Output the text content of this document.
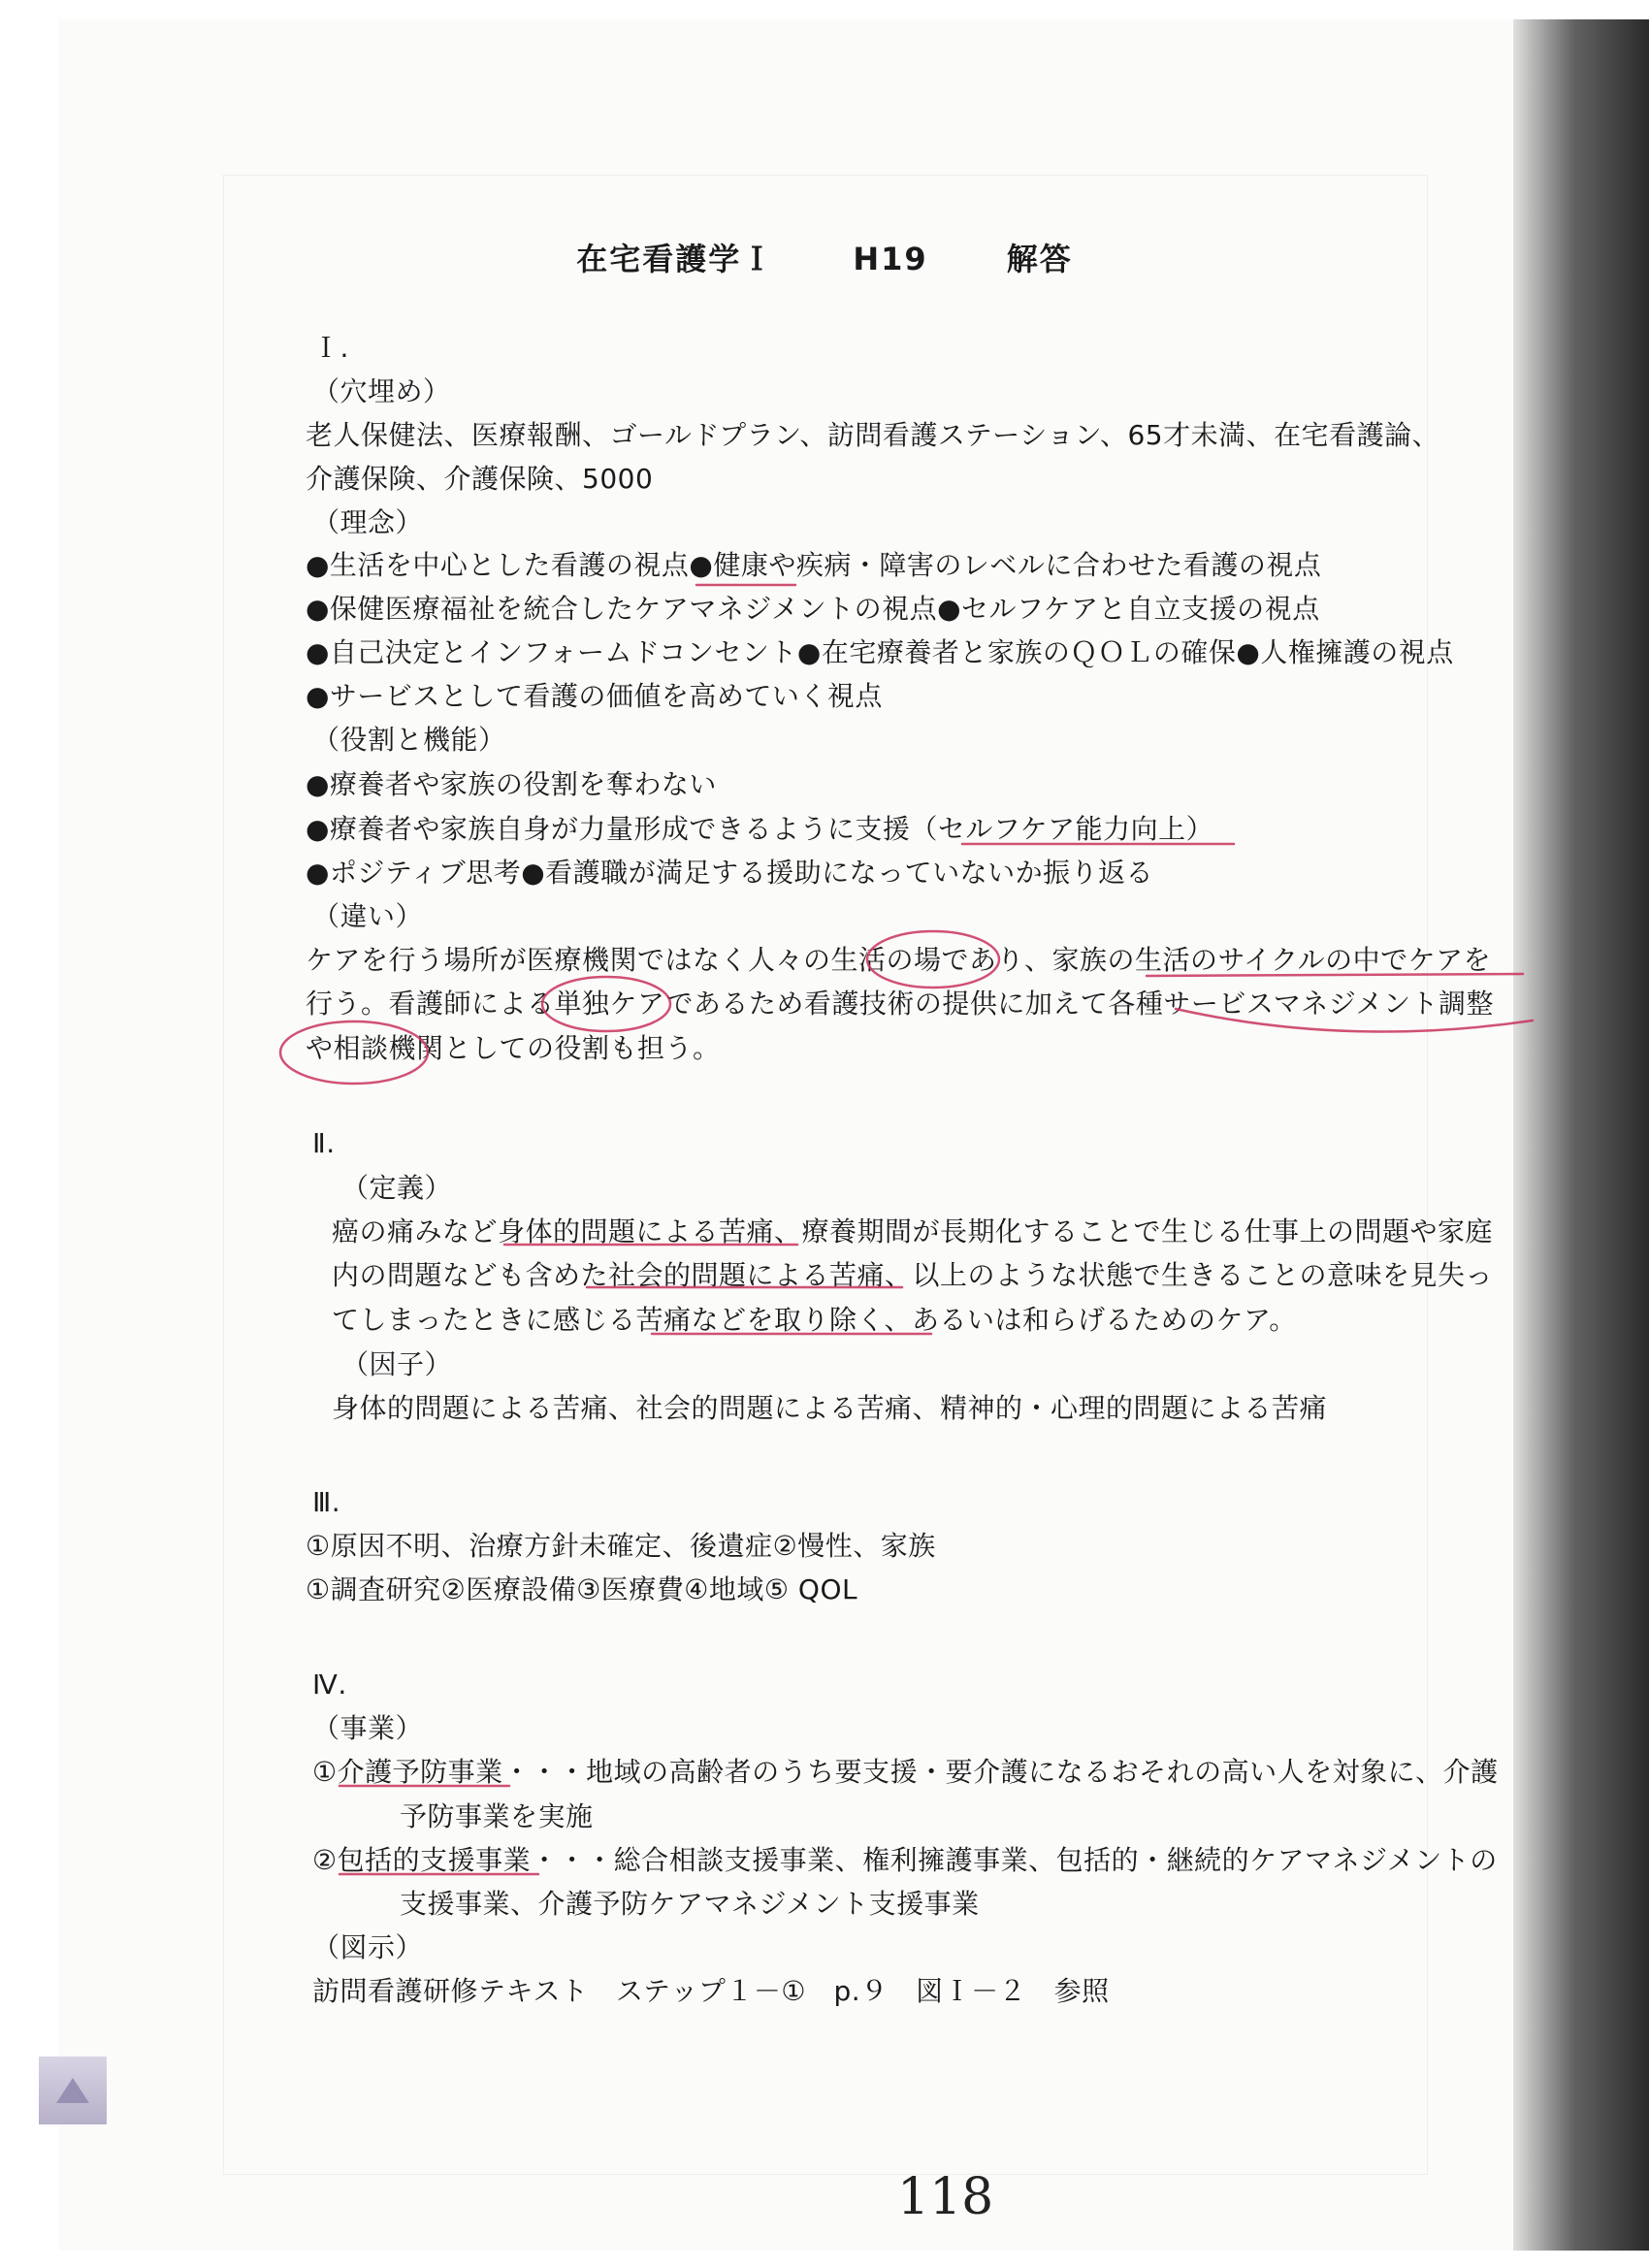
在宅看護学Ｉ	H19	解答
Ｉ.
（穴埋め）
老人保健法、医療報酬、ゴールドプラン、訪問看護ステーション、65才未満、在宅看護論、
介護保険、介護保険、5000
（理念）
●生活を中心とした看護の視点●健康や疾病・障害のレベルに合わせた看護の視点
●保健医療福祉を統合したケアマネジメントの視点●セルフケアと自立支援の視点
●自己決定とインフォームドコンセント●在宅療養者と家族のＱＯＬの確保●人権擁護の視点
●サービスとして看護の価値を高めていく視点
（役割と機能）
●療養者や家族の役割を奪わない
●療養者や家族自身が力量形成できるように支援（セルフケア能力向上）
●ポジティブ思考●看護職が満足する援助になっていないか振り返る
（違い）
ケアを行う場所が医療機関ではなく人々の生活の場であり、家族の生活のサイクルの中でケアを
行う。看護師による単独ケアであるため看護技術の提供に加えて各種サービスマネジメント調整
や相談機関としての役割も担う。
Ⅱ.
（定義）
癌の痛みなど身体的問題による苦痛、療養期間が長期化することで生じる仕事上の問題や家庭
内の問題なども含めた社会的問題による苦痛、以上のような状態で生きることの意味を見失っ
てしまったときに感じる苦痛などを取り除く、あるいは和らげるためのケア。
（因子）
身体的問題による苦痛、社会的問題による苦痛、精神的・心理的問題による苦痛
Ⅲ.
①原因不明、治療方針未確定、後遺症②慢性、家族
①調査研究②医療設備③医療費④地域⑤ QOL
Ⅳ.
（事業）
①介護予防事業・・・地域の高齢者のうち要支援・要介護になるおそれの高い人を対象に、介護
予防事業を実施
②包括的支援事業・・・総合相談支援事業、権利擁護事業、包括的・継続的ケアマネジメントの
支援事業、介護予防ケアマネジメント支援事業
（図示）
訪問看護研修テキスト　ステップ１－①　p.９　図Ｉ－２　参照
118
